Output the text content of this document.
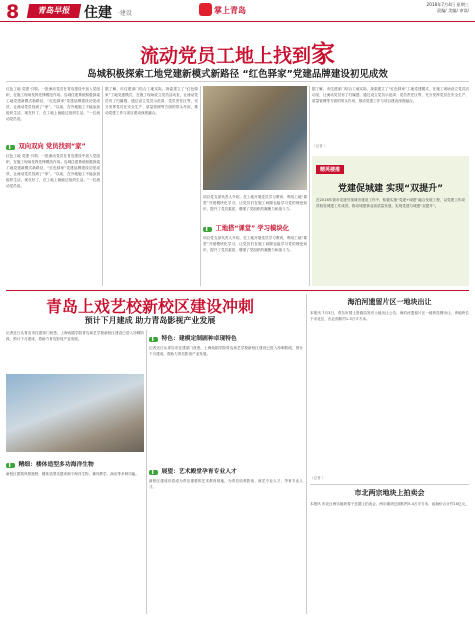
8	青岛早报 住建 ·建设	掌上青岛
2018年7月4日 星期三
责编/ 美编/ 审读/
流动党员工地上找到家
岛城积极探索工地党建新模式新路径 “红色驿家”党建品牌建设初见成效
红色工地 党建 引领。一批流动党员在青岛建设中加入党组织，在施工现场发挥先锋模范作用。岛城住建系统积极探索工地党建新模式新路径，“红色驿家”党建品牌建设初见成效，让流动党员找到了“家”。“以前，在外地施工不能参加组织生活，现在好了，在工地上就能过组织生活。”一位流动党员说。
▍ 双向双向 党员找到“家”
红色工地 党建 引领。一批流动党员在青岛建设中加入党组织，在施工现场发挥先锋模范作用。岛城住建系统积极探索工地党建新模式新路径，“红色驿家”党建品牌建设初见成效，让流动党员找到了“家”。“以前，在外地施工不能参加组织生活，现在好了，在工地上就能过组织生活。”一位流动党员说。
据了解，市住建部门结合工地实际，探索建立了“红色驿家”工地党建模式，在施工现场设立党员活动室，让流动党员有了归属感，通过设立党员示范岗、党员责任区等，充分发挥党员在安全生产、质量管理等方面的带头作用，推动党建工作与项目建设深度融合。
项目党支部负责人介绍，在工地开展党员学习教育，利用工地“课堂”开展模块化学习，让党员们在施工间隙也能学习党的理论知识，提升了党员素质，增强了党组织的凝聚力和战斗力。
▍ 工地搭“课堂” 学习模块化
项目党支部负责人介绍，在工地开展党员学习教育，利用工地“课堂”开展模块化学习，让党员们在施工间隙也能学习党的理论知识，提升了党员素质，增强了党组织的凝聚力和战斗力。
据了解，市住建部门结合工地实际，探索建立了“红色驿家”工地党建模式，在施工现场设立党员活动室，让流动党员有了归属感，通过设立党员示范岗、党员责任区等，充分发挥党员在安全生产、质量管理等方面的带头作用，推动党建工作与项目建设深度融合。
（记者 ）
精英楼推
党建促城建 实现“双提升”
在2018年我市党建引领城市建设工作中，积极实施“党建+城建”融合发展工程，以党建工作成效检验城建工作成效，推动城建事业高质量发展，实现党建与城建“双提升”。
青岛上戏艺校新校区建设冲刺
预计下月建成 助力青岛影视产业发展
记者近日从青岛市住建部门获悉，上海戏剧学院青岛演艺学校新校区建设已进入冲刺阶段，预计下月建成，将助力青岛影视产业发展。	▍ 特色：建模定制剧种卓现特色
记者近日从青岛市住建部门获悉，上海戏剧学院青岛演艺学校新校区建设已进入冲刺阶段，预计下月建成，将助力青岛影视产业发展。
▍ 展望：艺术殿堂孕育专业人才
新校区建成后将成为青岛重要的艺术教育基地，为青岛培养影视、演艺专业人才，孕育专业人才。
▍ 精细：楼体造型多功海洋生物
新校区建筑风格独特，楼体造型灵感来源于海洋生物，兼具教学、演出等多种功能。
海泊河遗留片区一地块出让
本报讯 7月3日，青岛市国土资源局发布土地出让公告，海泊河遗留片区一地块挂牌出让，该地块位于市北区，出让面积约1.3万平方米。
（记者 ）
市北两宗地块上拍卖会
本报讯 市北区两宗地块将于近期上拍卖会，两宗地块总面积约5.4万平方米，起始价合计约10亿元。
